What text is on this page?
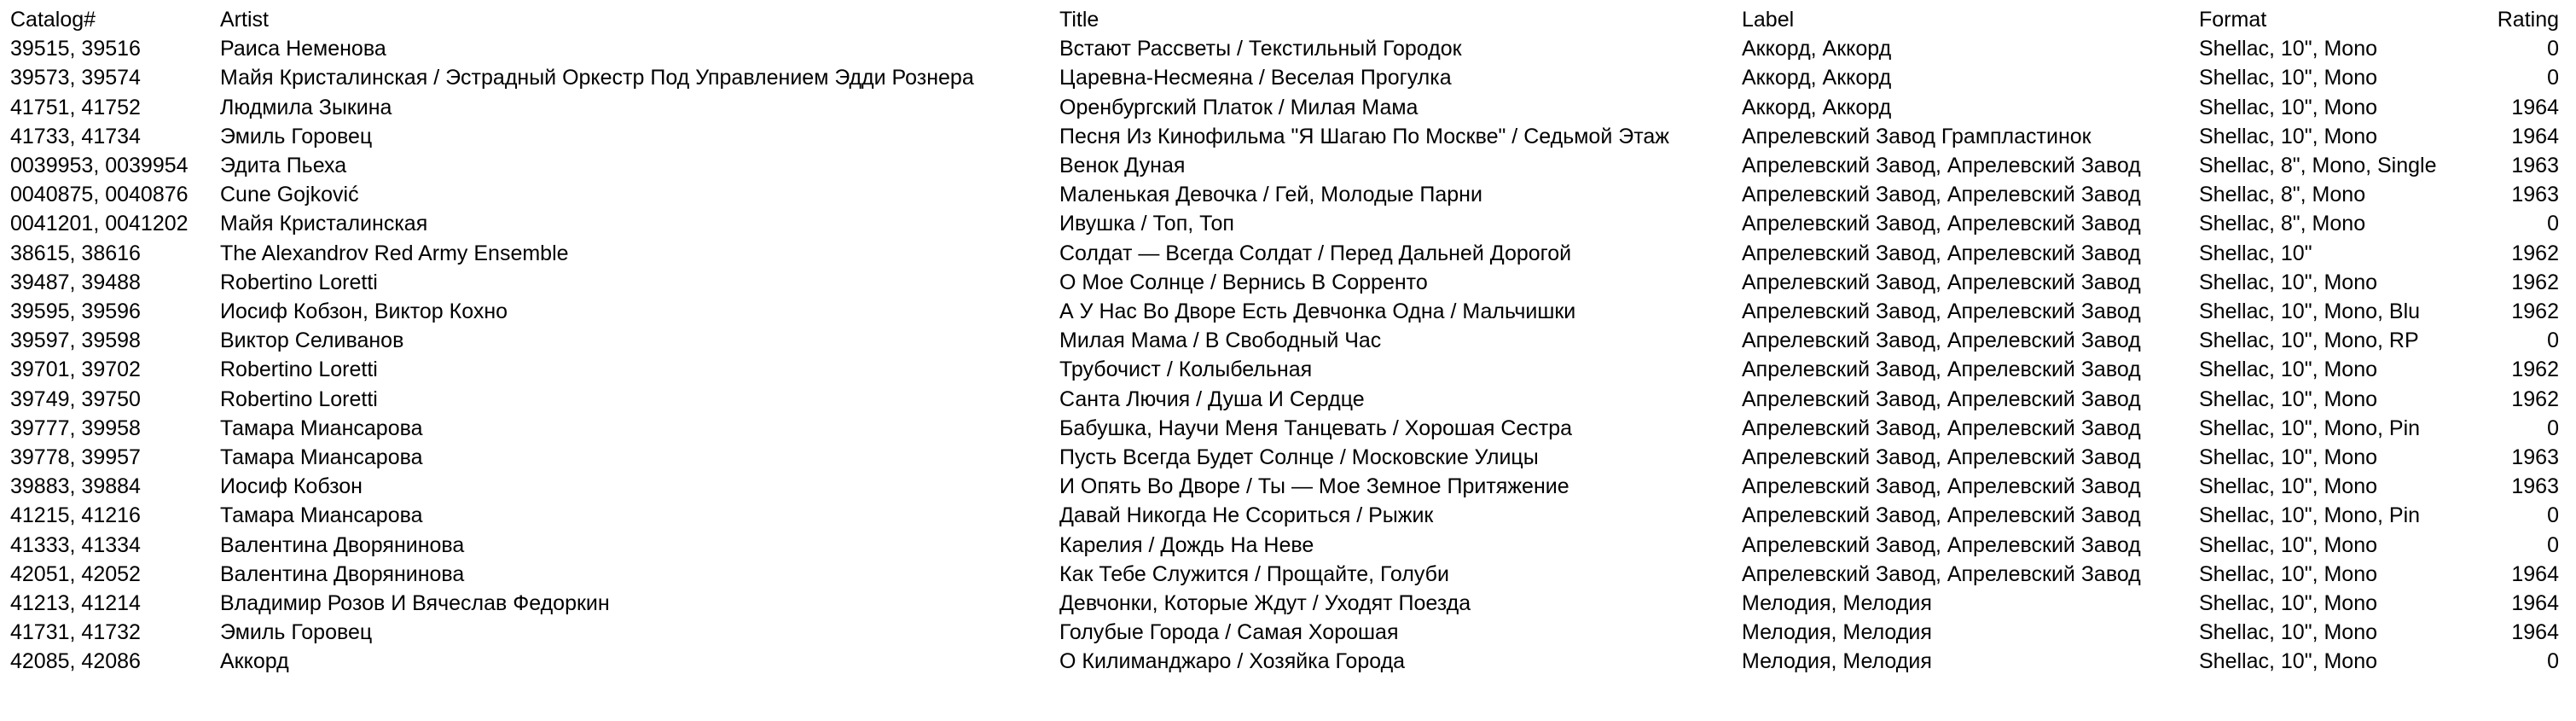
Catalog#	Artist	Title	Label	Format	Rating
39515, 39516	Раиса Неменова	Встают Рассветы / Текстильный Городок	Аккорд, Аккорд	Shellac, 10", Mono	0
39573, 39574	Майя Кристалинская / Эстрадный Оркестр Под Управлением Эдди Рознера	Царевна-Несмеяна / Веселая Прогулка	Аккорд, Аккорд	Shellac, 10", Mono	0
41751, 41752	Людмила Зыкина	Оренбургский Платок / Милая Мама	Аккорд, Аккорд	Shellac, 10", Mono	1964
41733, 41734	Эмиль Горовец	Песня Из Кинофильма "Я Шагаю По Москве" / Седьмой Этаж	Апрелевский Завод Грампластинок	Shellac, 10", Mono	1964
0039953, 0039954	Эдита Пьеха	Венок Дуная	Апрелевский Завод, Апрелевский Завод	Shellac, 8", Mono, Single	1963
0040875, 0040876	Cune Gojković	Маленькая Девочка / Гей, Молодые Парни	Апрелевский Завод, Апрелевский Завод	Shellac, 8", Mono	1963
0041201, 0041202	Майя Кристалинская	Ивушка / Топ, Топ	Апрелевский Завод, Апрелевский Завод	Shellac, 8", Mono	0
38615, 38616	The Alexandrov Red Army Ensemble	Солдат — Всегда Солдат / Перед Дальней Дорогой	Апрелевский Завод, Апрелевский Завод	Shellac, 10"	1962
39487, 39488	Robertino Loretti	О Мое Солнце / Вернись В Сорренто	Апрелевский Завод, Апрелевский Завод	Shellac, 10", Mono	1962
39595, 39596	Иосиф Кобзон, Виктор Кохно	А У Нас Во Дворе Есть Девчонка Одна / Мальчишки	Апрелевский Завод, Апрелевский Завод	Shellac, 10", Mono, Blu	1962
39597, 39598	Виктор Селиванов	Милая Мама / В Свободный Час	Апрелевский Завод, Апрелевский Завод	Shellac, 10", Mono, RP	0
39701, 39702	Robertino Loretti	Трубочист / Колыбельная	Апрелевский Завод, Апрелевский Завод	Shellac, 10", Mono	1962
39749, 39750	Robertino Loretti	Санта Лючия / Душа И Сердце	Апрелевский Завод, Апрелевский Завод	Shellac, 10", Mono	1962
39777, 39958	Тамара Миансарова	Бабушка, Научи Меня Танцевать / Хорошая Сестра	Апрелевский Завод, Апрелевский Завод	Shellac, 10", Mono, Pin	0
39778, 39957	Тамара Миансарова	Пусть Всегда Будет Солнце / Московские Улицы	Апрелевский Завод, Апрелевский Завод	Shellac, 10", Mono	1963
39883, 39884	Иосиф Кобзон	И Опять Во Дворе / Ты — Мое Земное Притяжение	Апрелевский Завод, Апрелевский Завод	Shellac, 10", Mono	1963
41215, 41216	Тамара Миансарова	Давай Никогда Не Ссориться / Рыжик	Апрелевский Завод, Апрелевский Завод	Shellac, 10", Mono, Pin	0
41333, 41334	Валентина Дворянинова	Карелия / Дождь На Неве	Апрелевский Завод, Апрелевский Завод	Shellac, 10", Mono	0
42051, 42052	Валентина Дворянинова	Как Тебе Служится / Прощайте, Голуби	Апрелевский Завод, Апрелевский Завод	Shellac, 10", Mono	1964
41213, 41214	Владимир Розов И Вячеслав Федоркин	Девчонки, Которые Ждут / Уходят Поезда	Мелодия, Мелодия	Shellac, 10", Mono	1964
41731, 41732	Эмиль Горовец	Голубые Города / Самая Хорошая	Мелодия, Мелодия	Shellac, 10", Mono	1964
42085, 42086	Аккорд	О Килиманджаро / Хозяйка Города	Мелодия, Мелодия	Shellac, 10", Mono	0
